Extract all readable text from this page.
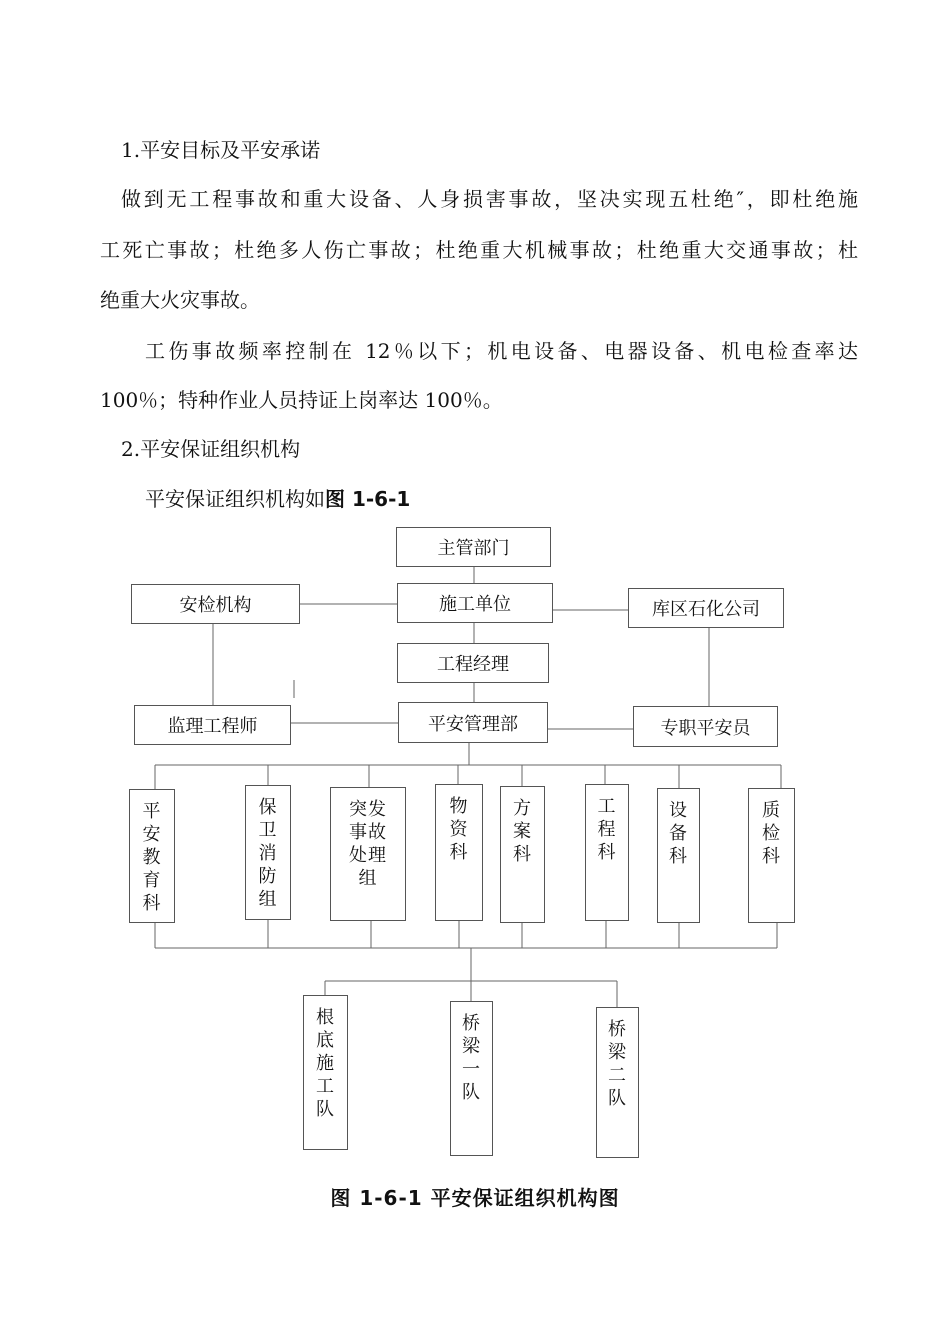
1.平安目标及平安承诺
做到无工程事故和重大设备、人身损害事故，坚决实现五杜绝″，即杜绝施
工死亡事故；杜绝多人伤亡事故；杜绝重大机械事故；杜绝重大交通事故；杜
绝重大火灾事故。
工伤事故频率控制在 12％以下；机电设备、电器设备、机电检查率达
100％；特种作业人员持证上岗率达 100％。
2.平安保证组织机构
平安保证组织机构如图 1-6-1
主管部门
安检机构	施工单位	库区石化公司
工程经理
监理工程师	平安管理部	专职平安员
平
安
教
育
科
保
卫
消
防
组
突发
事故
处理
组
物
资
科
方
案
科
工
程
科
设
备
科
质
检
科
根
底
施
工
队
桥
梁
一
队
桥
梁
二
队
图 1-6-1 平安保证组织机构图
